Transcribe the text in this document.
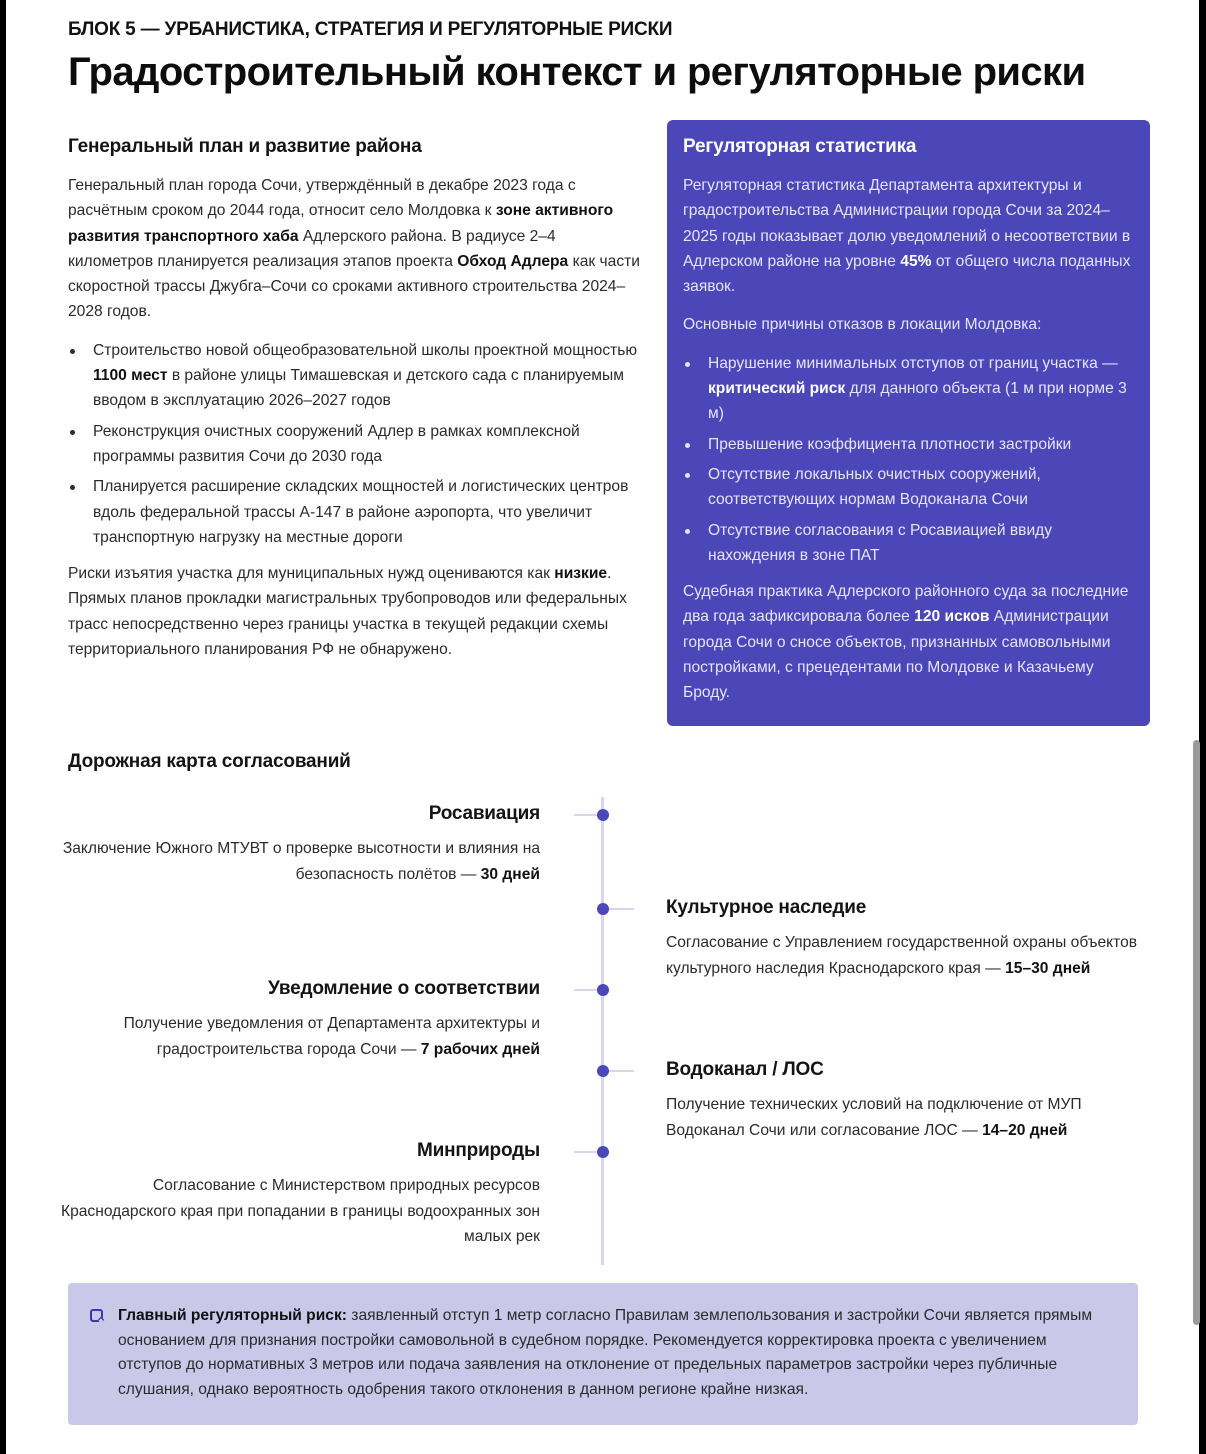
БЛОК 5 — УРБАНИСТИКА, СТРАТЕГИЯ И РЕГУЛЯТОРНЫЕ РИСКИ
Градостроительный контекст и регуляторные риски
Генеральный план и развитие района

Генеральный план города Сочи, утверждённый в декабре 2023 года с расчётным сроком до 2044 года, относит село Молдовка к зоне активного развития транспортного хаба Адлерского района. В радиусе 2–4 километров планируется реализация этапов проекта Обход Адлера как части скоростной трассы Джубга–Сочи со сроками активного строительства 2024–2028 годов.

Строительство новой общеобразовательной школы проектной мощностью 1100 мест в районе улицы Тимашевская и детского сада с планируемым вводом в эксплуатацию 2026–2027 годов
Реконструкция очистных сооружений Адлер в рамках комплексной программы развития Сочи до 2030 года
Планируется расширение складских мощностей и логистических центров вдоль федеральной трассы А-147 в районе аэропорта, что увеличит транспортную нагрузку на местные дороги

Риски изъятия участка для муниципальных нужд оцениваются как низкие. Прямых планов прокладки магистральных трубопроводов или федеральных трасс непосредственно через границы участка в текущей редакции схемы территориального планирования РФ не обнаружено.

Регуляторная статистика

Регуляторная статистика Департамента архитектуры и градостроительства Администрации города Сочи за 2024–2025 годы показывает долю уведомлений о несоответствии в Адлерском районе на уровне 45% от общего числа поданных заявок.

Основные причины отказов в локации Молдовка:

Нарушение минимальных отступов от границ участка — критический риск для данного объекта (1 м при норме 3 м)
Превышение коэффициента плотности застройки
Отсутствие локальных очистных сооружений, соответствующих нормам Водоканала Сочи
Отсутствие согласования с Росавиацией ввиду нахождения в зоне ПАТ

Судебная практика Адлерского районного суда за последние два года зафиксировала более 120 исков Администрации города Сочи о сносе объектов, признанных самовольными постройками, с прецедентами по Молдовке и Казачьему Броду.

Дорожная карта согласований
Росавиация
Заключение Южного МТУВТ о проверке высотности и влияния на безопасность полётов — 30 дней
Культурное наследие
Согласование с Управлением государственной охраны объектов культурного наследия Краснодарского края — 15–30 дней
Уведомление о соответствии
Получение уведомления от Департамента архитектуры и градостроительства города Сочи — 7 рабочих дней
Водоканал / ЛОС
Получение технических условий на подключение от МУП Водоканал Сочи или согласование ЛОС — 14–20 дней
Минприроды
Согласование с Министерством природных ресурсов Краснодарского края при попадании в границы водоохранных зон малых рек

Главный регуляторный риск: заявленный отступ 1 метр согласно Правилам землепользования и застройки Сочи является прямым основанием для признания постройки самовольной в судебном порядке. Рекомендуется корректировка проекта с увеличением отступов до нормативных 3 метров или подача заявления на отклонение от предельных параметров застройки через публичные слушания, однако вероятность одобрения такого отклонения в данном регионе крайне низкая.
